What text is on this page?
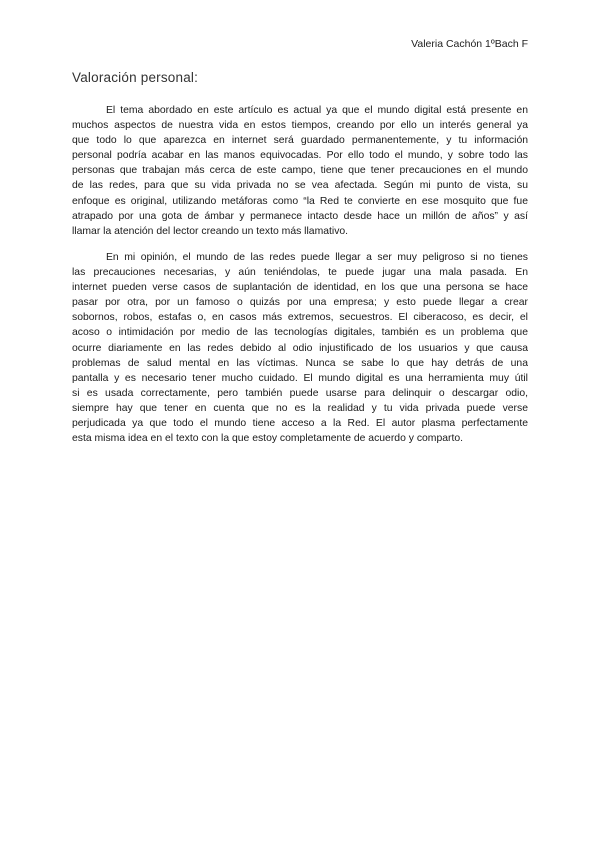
Valeria Cachón 1ºBach F
Valoración personal:
El tema abordado en este artículo es actual ya que el mundo digital está presente en
muchos aspectos de nuestra vida en estos tiempos, creando por ello un interés general ya
que todo lo que aparezca en internet será guardado permanentemente, y tu información
personal podría acabar en las manos equivocadas. Por ello todo el mundo, y sobre todo las
personas que trabajan más cerca de este campo, tiene que tener precauciones en el mundo
de las redes, para que su vida privada no se vea afectada. Según mi punto de vista, su
enfoque es original, utilizando metáforas como “la Red te convierte en ese mosquito que fue
atrapado por una gota de ámbar y permanece intacto desde hace un millón de años” y así
llamar la atención del lector creando un texto más llamativo.
En mi opinión, el mundo de las redes puede llegar a ser muy peligroso si no tienes
las precauciones necesarias, y aún teniéndolas, te puede jugar una mala pasada. En
internet pueden verse casos de suplantación de identidad, en los que una persona se hace
pasar por otra, por un famoso o quizás por una empresa; y esto puede llegar a crear
sobornos, robos, estafas o, en casos más extremos, secuestros. El ciberacoso, es decir, el
acoso o intimidación por medio de las tecnologías digitales, también es un problema que
ocurre diariamente en las redes debido al odio injustificado de los usuarios y que causa
problemas de salud mental en las víctimas. Nunca se sabe lo que hay detrás de una
pantalla y es necesario tener mucho cuidado. El mundo digital es una herramienta muy útil
si es usada correctamente, pero también puede usarse para delinquir o descargar odio,
siempre hay que tener en cuenta que no es la realidad y tu vida privada puede verse
perjudicada ya que todo el mundo tiene acceso a la Red. El autor plasma perfectamente
esta misma idea en el texto con la que estoy completamente de acuerdo y comparto.
